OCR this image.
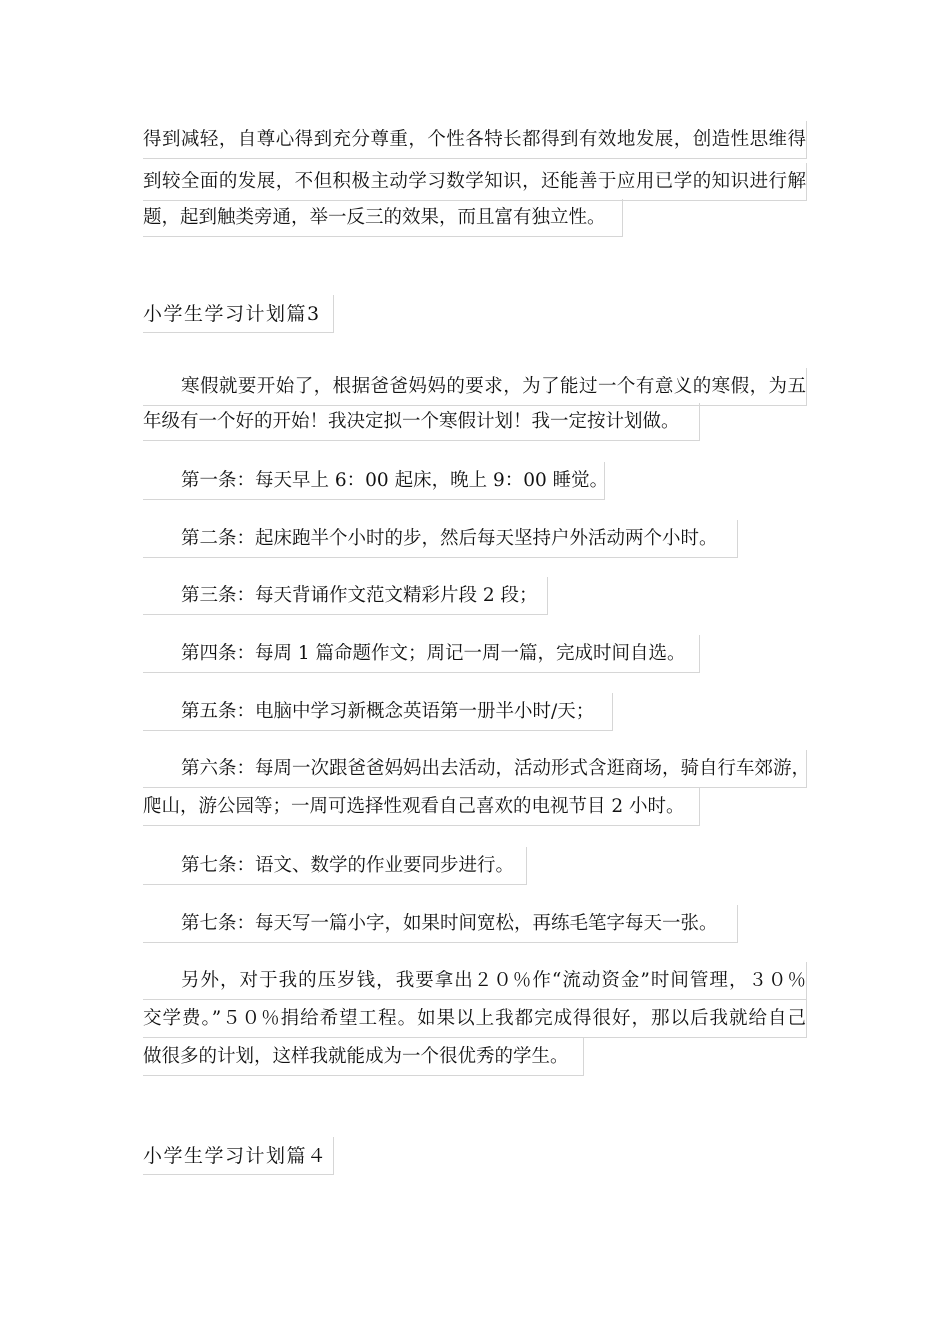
得到减轻，自尊心得到充分尊重，个性各特长都得到有效地发展，创造性思维得
到较全面的发展，不但积极主动学习数学知识，还能善于应用已学的知识进行解
题，起到触类旁通，举一反三的效果，而且富有独立性。
小学生学习计划篇3
寒假就要开始了，根据爸爸妈妈的要求，为了能过一个有意义的寒假，为五
年级有一个好的开始！我决定拟一个寒假计划！我一定按计划做。
第一条：每天早上 6：00 起床，晚上 9：00 睡觉。
第二条：起床跑半个小时的步，然后每天坚持户外活动两个小时。
第三条：每天背诵作文范文精彩片段 2 段；
第四条：每周 1 篇命题作文；周记一周一篇，完成时间自选。
第五条：电脑中学习新概念英语第一册半小时/天；
第六条：每周一次跟爸爸妈妈出去活动，活动形式含逛商场，骑自行车郊游，
爬山，游公园等；一周可选择性观看自己喜欢的电视节目 2 小时。
第七条：语文、数学的作业要同步进行。
第七条：每天写一篇小字，如果时间宽松，再练毛笔字每天一张。
另外，对于我的压岁钱，我要拿出２０％作“流动资金”时间管理，３０％
交学费。”５０％捐给希望工程。如果以上我都完成得很好，那以后我就给自己
做很多的计划，这样我就能成为一个很优秀的学生。
小学生学习计划篇４
